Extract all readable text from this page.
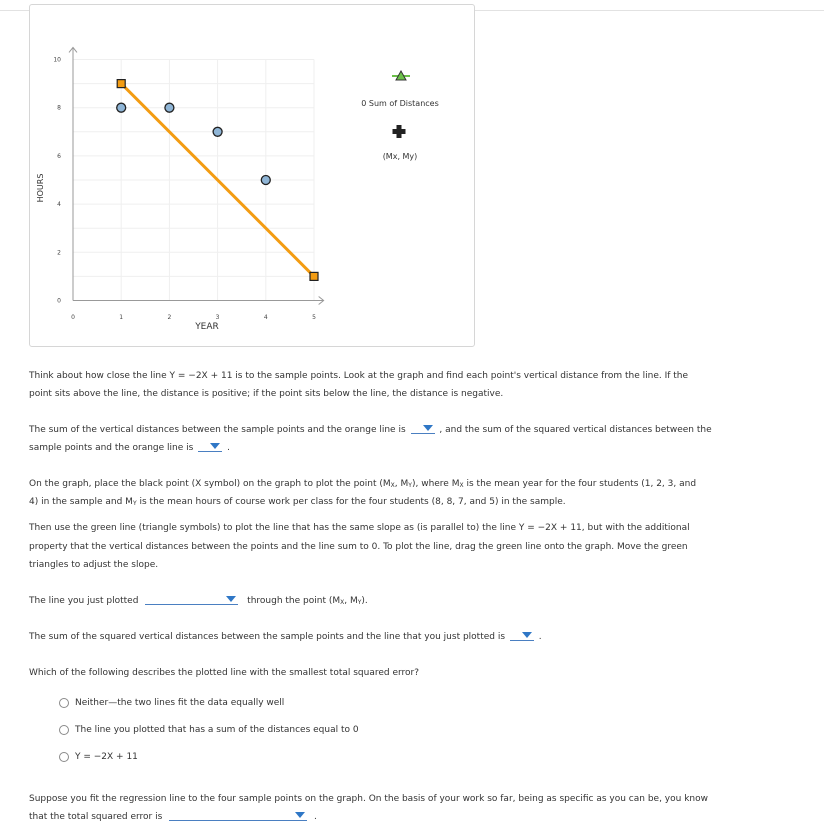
0	1	2	3	4	5
0
2
4
6
8
10
0 Sum of Distances
(Mx, My)
YEAR
HOURS
Think about how close the line Y = −2X + 11 is to the sample points. Look at the graph and find each point's vertical distance from the line. If the
point sits above the line, the distance is positive; if the point sits below the line, the distance is negative.
The sum of the vertical distances between the sample points and the orange line is	, and the sum of the squared vertical distances between the
sample points and the orange line is	.
On the graph, place the black point (X symbol) on the graph to plot the point (MX, MY), where MX is the mean year for the four students (1, 2, 3, and
4) in the sample and MY is the mean hours of course work per class for the four students (8, 8, 7, and 5) in the sample.
Then use the green line (triangle symbols) to plot the line that has the same slope as (is parallel to) the line Y = −2X + 11, but with the additional
property that the vertical distances between the points and the line sum to 0. To plot the line, drag the green line onto the graph. Move the green
triangles to adjust the slope.
The line you just plotted	through the point (MX, MY).
The sum of the squared vertical distances between the sample points and the line that you just plotted is	.
Which of the following describes the plotted line with the smallest total squared error?
Neither—the two lines fit the data equally well
The line you plotted that has a sum of the distances equal to 0
Y = −2X + 11
Suppose you fit the regression line to the four sample points on the graph. On the basis of your work so far, being as specific as you can be, you know
that the total squared error is	.
